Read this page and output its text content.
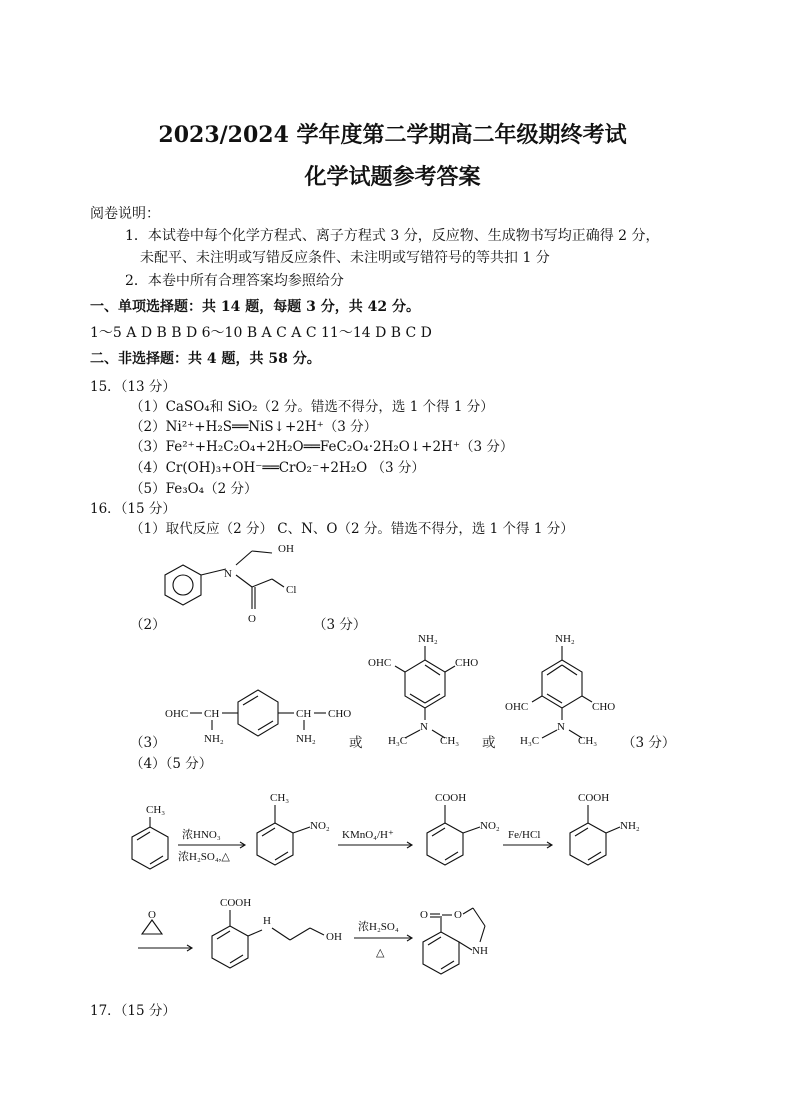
2023/2024 学年度第二学期高二年级期终考试
化学试题参考答案
阅卷说明：
1．本试卷中每个化学方程式、离子方程式 3 分，反应物、生成物书写均正确得 2 分，
未配平、未注明或写错反应条件、未注明或写错符号的等共扣 1 分
2．本卷中所有合理答案均参照给分
一、单项选择题：共 14 题，每题 3 分，共 42 分。
1～5 A D B B D 6～10 B A C A C 11～14 D B C D
二、非选择题：共 4 题，共 58 分。
15．（13 分）
（1）CaSO₄和 SiO₂（2 分。错选不得分，选 1 个得 1 分）
（2）Ni²⁺+H₂S══NiS↓+2H⁺（3 分）
（3）Fe²⁺+H₂C₂O₄+2H₂O══FeC₂O₄·2H₂O↓+2H⁺（3 分）
（4）Cr(OH)₃+OH⁻══CrO₂⁻+2H₂O （3 分）
（5）Fe₃O₄（2 分）
16．（15 分）
（1）取代反应（2 分） C、N、O（2 分。错选不得分，选 1 个得 1 分）
（2）	（3 分）
N
OH
O
Cl
（3）	或	或	（3 分）
OHC CH
NH₂
CH
NH₂
CHO
NH₂
OHC	CHO
N
H₃C	CH₃
NH₂
OHC	CHO
N
H₃C	CH₃
（4）（5 分）
CH₃
浓HNO₃
浓H₂SO₄,△
CH₃
NO₂
KMnO₄/H⁺
COOH
NO₂
Fe/HCl
COOH
NH₂
O
COOH
H
OH
浓H₂SO₄
△
O O
NH
17．（15 分）
